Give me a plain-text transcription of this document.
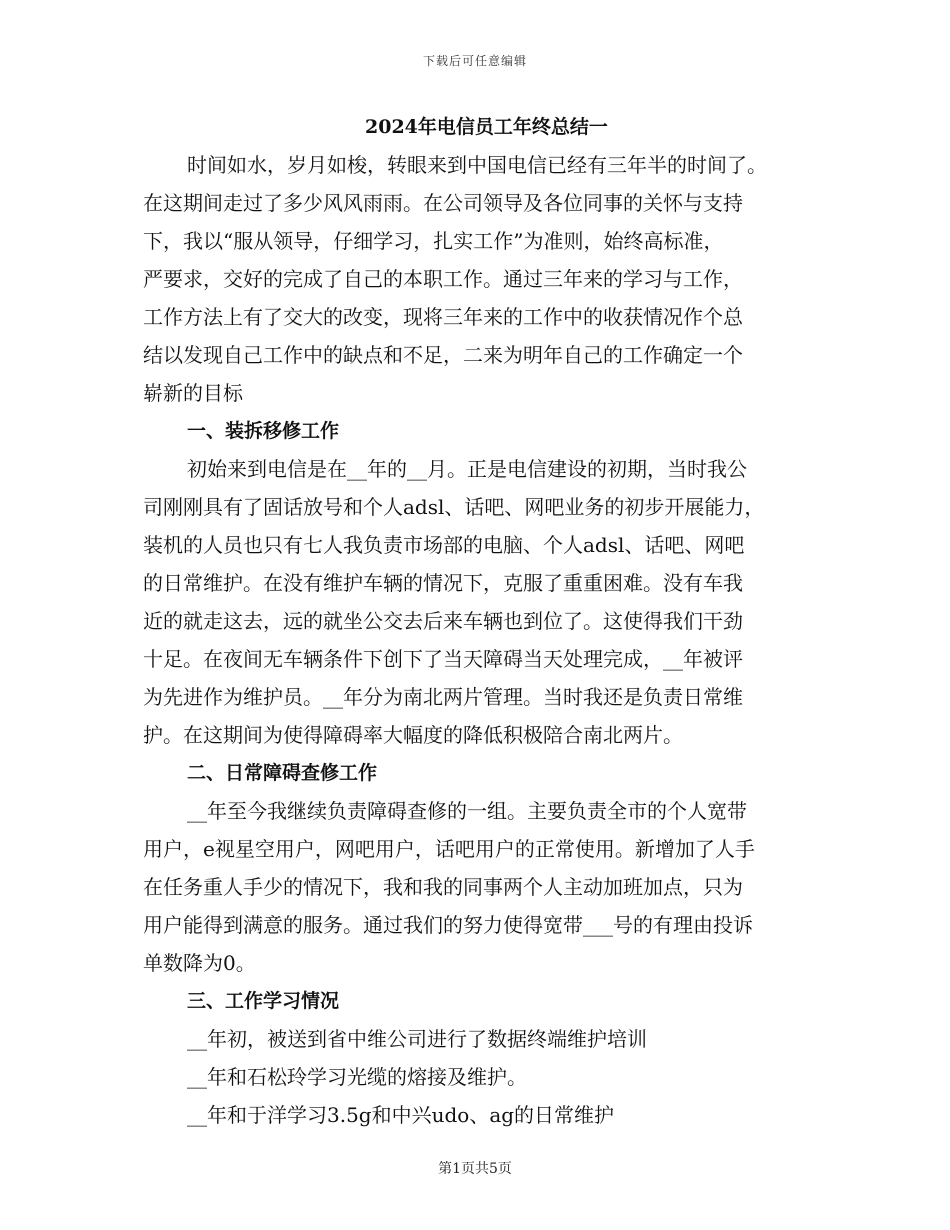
下载后可任意编辑
2024年电信员工年终总结一

时间如水，岁月如梭，转眼来到中国电信已经有三年半的时间了。
在这期间走过了多少风风雨雨。在公司领导及各位同事的关怀与支持
下，我以“服从领导，仔细学习，扎实工作”为准则，始终高标准，
严要求，交好的完成了自己的本职工作。通过三年来的学习与工作，
工作方法上有了交大的改变，现将三年来的工作中的收获情况作个总
结以发现自己工作中的缺点和不足，二来为明年自己的工作确定一个
崭新的目标

一、装拆移修工作

初始来到电信是在__年的__月。正是电信建设的初期，当时我公
司刚刚具有了固话放号和个人adsl、话吧、网吧业务的初步开展能力，
装机的人员也只有七人我负责市场部的电脑、个人adsl、话吧、网吧
的日常维护。在没有维护车辆的情况下，克服了重重困难。没有车我
近的就走这去，远的就坐公交去后来车辆也到位了。这使得我们干劲
十足。在夜间无车辆条件下创下了当天障碍当天处理完成，__年被评
为先进作为维护员。__年分为南北两片管理。当时我还是负责日常维
护。在这期间为使得障碍率大幅度的降低积极陪合南北两片。

二、日常障碍查修工作

__年至今我继续负责障碍查修的一组。主要负责全市的个人宽带
用户，e视星空用户，网吧用户，话吧用户的正常使用。新增加了人手
在任务重人手少的情况下，我和我的同事两个人主动加班加点，只为
用户能得到满意的服务。通过我们的努力使得宽带___号的有理由投诉
单数降为0。

三、工作学习情况

__年初，被送到省中维公司进行了数据终端维护培训
__年和石松玲学习光缆的熔接及维护。
__年和于洋学习3.5g和中兴udo、ag的日常维护

第1页共5页
